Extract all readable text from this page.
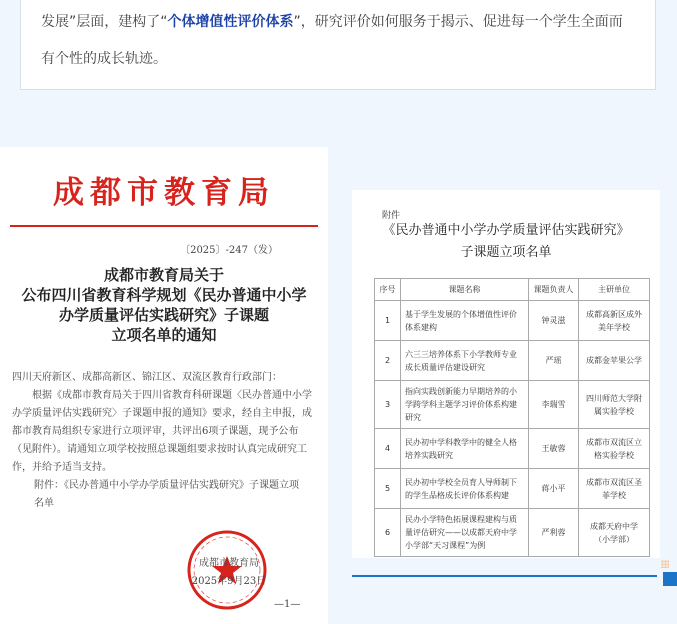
发展”层面，建构了“个体增值性评价体系”，研究评价如何服务于揭示、促进每一个学生全面而有个性的成长轨迹。
成都市教育局
〔2025〕-247（发）
成都市教育局关于
公布四川省教育科学规划《民办普通中小学
办学质量评估实践研究》子课题
立项名单的通知

四川天府新区、成都高新区、锦江区、双流区教育行政部门：

根据《成都市教育局关于四川省教育科研课题〈民办普通中小学办学质量评估实践研究〉子课题申报的通知》要求，经自主申报，成都市教育局组织专家进行立项评审，共评出6项子课题，现予公布（见附件）。请通知立项学校按照总课题组要求按时认真完成研究工作，并给予适当支持。

附件：《民办普通中小学办学质量评估实践研究》子课题立项名单

成都市教育局
2025年9月23日
—1—
附件
《民办普通中小学办学质量评估实践研究》
子课题立项名单
序号	课题名称	课题负责人	主研单位
1	基于学生发展的个体增值性评价体系建构	钟灵滋	成都高新区成外美年学校
2	六三三培养体系下小学教师专业成长质量评估建设研究	严瑶	成都金苹果公学
3	指向实践创新能力早期培养的小学跨学科主题学习评价体系构建研究	李瑞雪	四川师范大学附属实验学校
4	民办初中学科教学中的健全人格培养实践研究	王敏蓉	成都市双流区立格实验学校
5	民办初中学校全员育人导师制下的学生品格成长评价体系构建	蒋小平	成都市双流区圣菲学校
6	民办小学特色拓展课程建构与质量评估研究——以成都天府中学小学部“天习课程”为例	严利蓉	成都天府中学（小学部）
